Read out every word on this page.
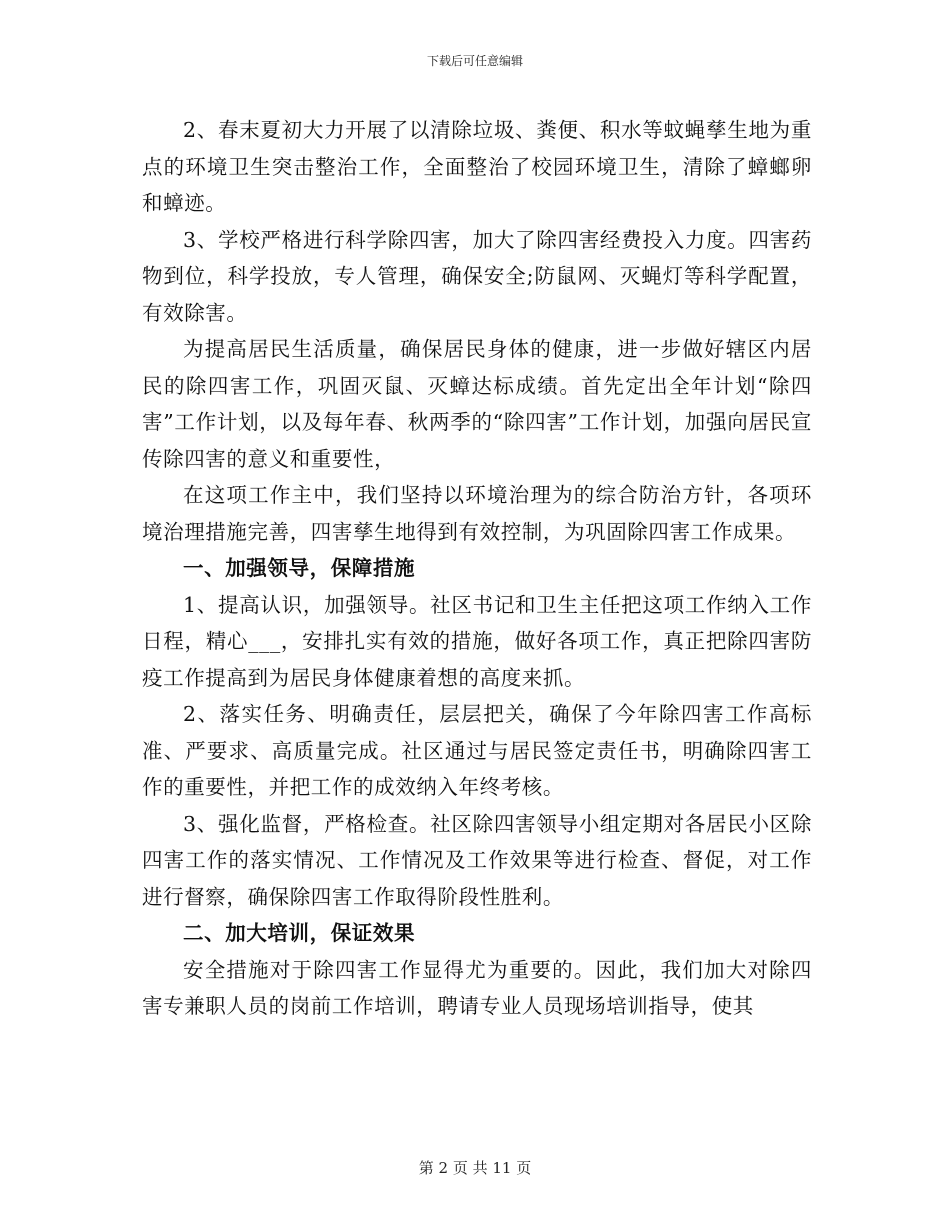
下载后可任意编辑

2、春末夏初大力开展了以清除垃圾、粪便、积水等蚊蝇孳生地为重点的环境卫生突击整治工作，全面整治了校园环境卫生，清除了蟑螂卵和蟑迹。

3、学校严格进行科学除四害，加大了除四害经费投入力度。四害药物到位，科学投放，专人管理，确保安全;防鼠网、灭蝇灯等科学配置，有效除害。

为提高居民生活质量，确保居民身体的健康，进一步做好辖区内居民的除四害工作，巩固灭鼠、灭蟑达标成绩。首先定出全年计划“除四害”工作计划，以及每年春、秋两季的“除四害”工作计划，加强向居民宣传除四害的意义和重要性，

在这项工作主中，我们坚持以环境治理为的综合防治方针，各项环境治理措施完善，四害孳生地得到有效控制，为巩固除四害工作成果。

一、加强领导，保障措施

1、提高认识，加强领导。社区书记和卫生主任把这项工作纳入工作日程，精心___，安排扎实有效的措施，做好各项工作，真正把除四害防疫工作提高到为居民身体健康着想的高度来抓。

2、落实任务、明确责任，层层把关，确保了今年除四害工作高标准、严要求、高质量完成。社区通过与居民签定责任书，明确除四害工作的重要性，并把工作的成效纳入年终考核。

3、强化监督，严格检查。社区除四害领导小组定期对各居民小区除四害工作的落实情况、工作情况及工作效果等进行检查、督促，对工作进行督察，确保除四害工作取得阶段性胜利。

二、加大培训，保证效果

安全措施对于除四害工作显得尤为重要的。因此，我们加大对除四害专兼职人员的岗前工作培训，聘请专业人员现场培训指导，使其

第 2 页 共 11 页
